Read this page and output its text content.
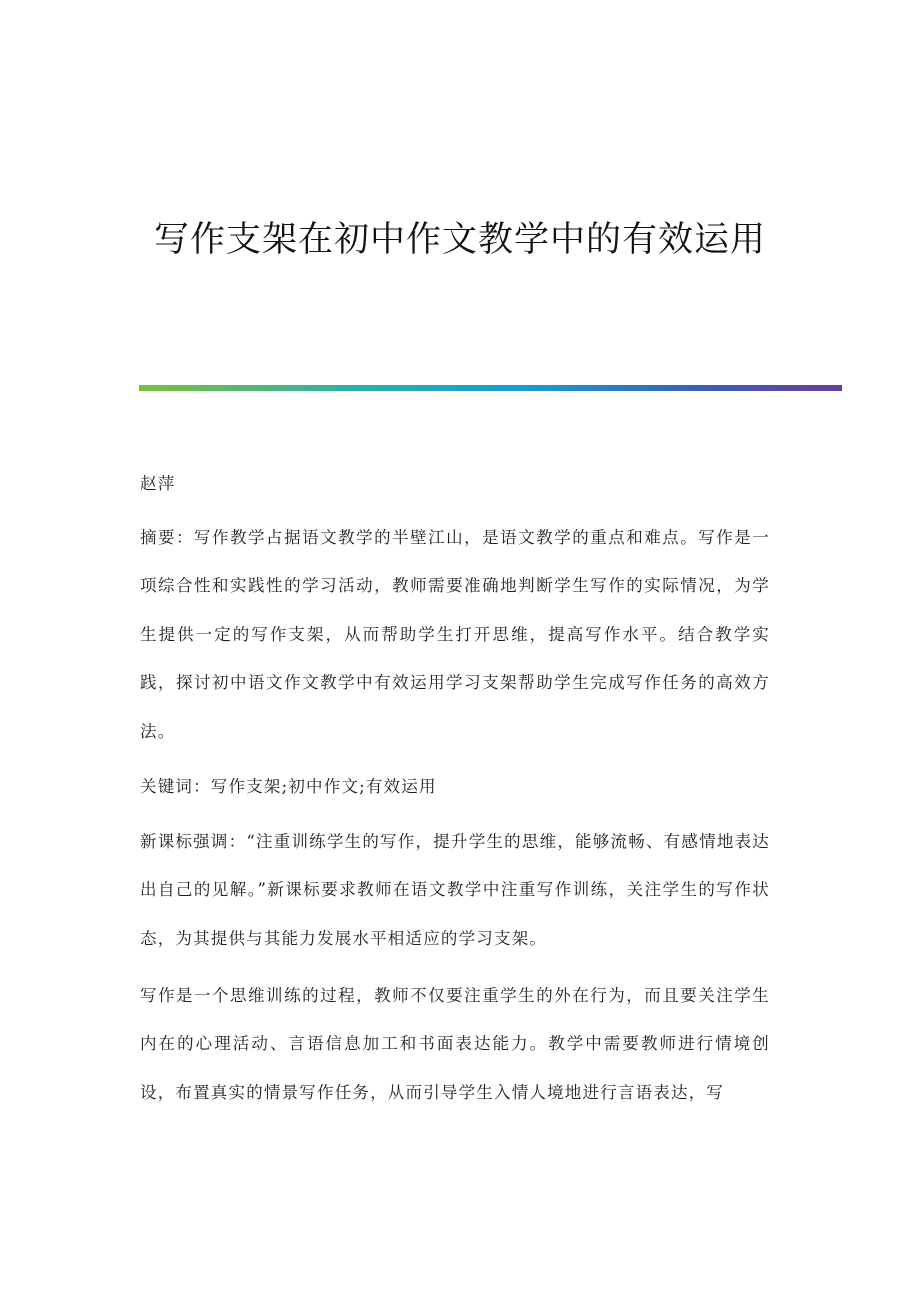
写作支架在初中作文教学中的有效运用

赵萍

摘要：写作教学占据语文教学的半壁江山，是语文教学的重点和难点。写作是一项综合性和实践性的学习活动，教师需要准确地判断学生写作的实际情况，为学生提供一定的写作支架，从而帮助学生打开思维，提高写作水平。结合教学实践，探讨初中语文作文教学中有效运用学习支架帮助学生完成写作任务的高效方法。

关键词：写作支架;初中作文;有效运用

新课标强调：“注重训练学生的写作，提升学生的思维，能够流畅、有感情地表达出自己的见解。”新课标要求教师在语文教学中注重写作训练，关注学生的写作状态，为其提供与其能力发展水平相适应的学习支架。

写作是一个思维训练的过程，教师不仅要注重学生的外在行为，而且要关注学生内在的心理活动、言语信息加工和书面表达能力。教学中需要教师进行情境创设，布置真实的情景写作任务，从而引导学生入情人境地进行言语表达，写
